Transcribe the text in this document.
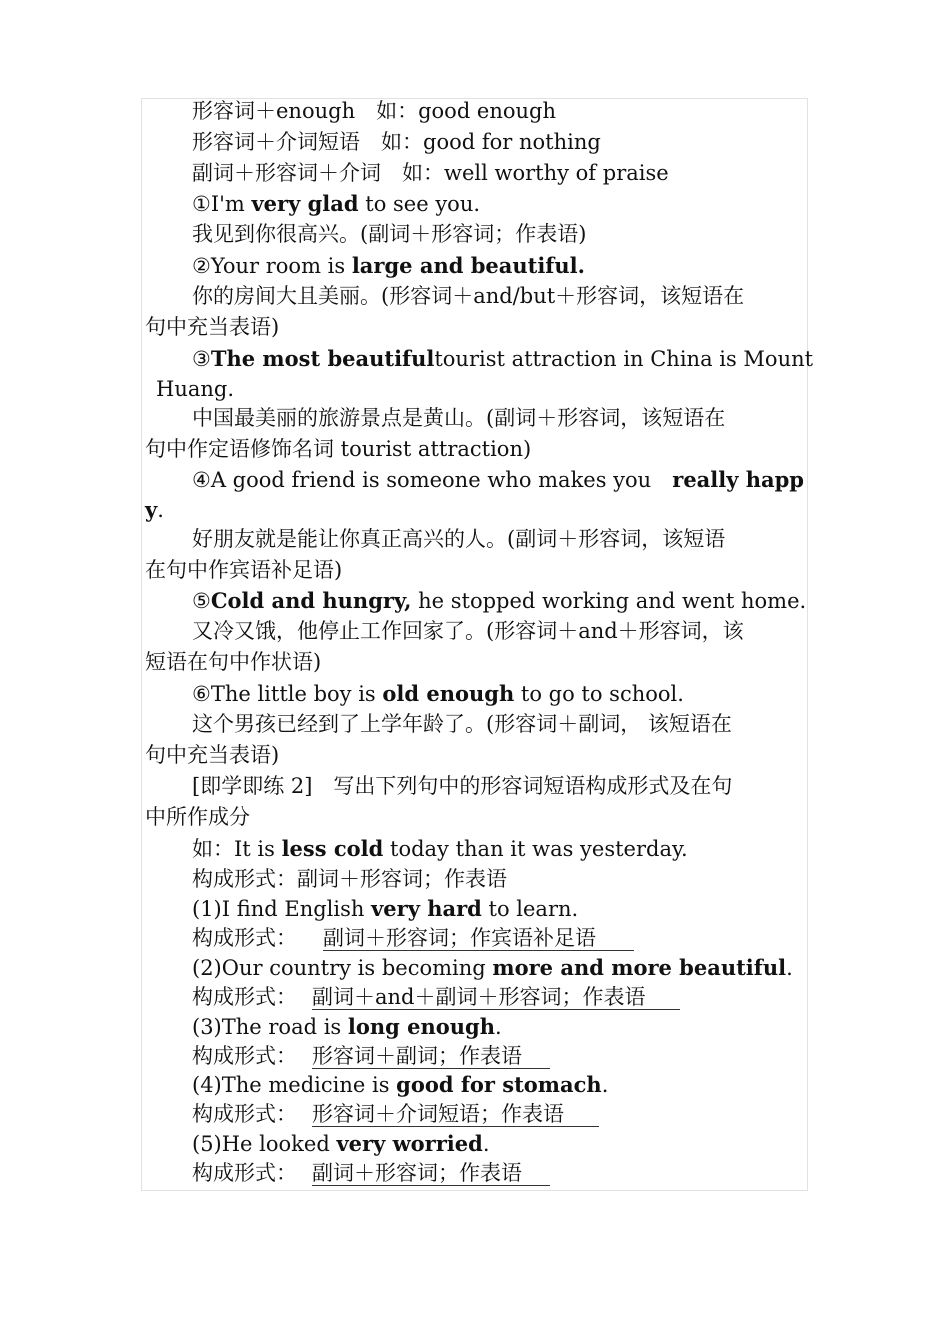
形容词＋enough　如：good enough
形容词＋介词短语　如：good for nothing
副词＋形容词＋介词　如：well worthy of praise
①I'm very glad to see you.
我见到你很高兴。(副词＋形容词；作表语)
②Your room is large and beautiful.
你的房间大且美丽。(形容词＋and/but＋形容词，该短语在
句中充当表语)
③The most beautiful tourist attraction in China is Mount
Huang.
中国最美丽的旅游景点是黄山。(副词＋形容词，该短语在
句中作定语修饰名词 tourist attraction)
④A good friend is someone who makes you really happ
y.
好朋友就是能让你真正高兴的人。(副词＋形容词，该短语
在句中作宾语补足语)
⑤Cold and hungry, he stopped working and went home.
又冷又饿，他停止工作回家了。(形容词＋and＋形容词，该
短语在句中作状语)
⑥The little boy is old enough to go to school.
这个男孩已经到了上学年龄了。(形容词＋副词， 该短语在
句中充当表语)
[即学即练 2]　写出下列句中的形容词短语构成形式及在句
中所作成分
如：It is less cold today than it was yesterday.
构成形式：副词＋形容词；作表语
(1)I find English very hard to learn.
构成形式： 副词＋形容词；作宾语补足语
(2)Our country is becoming more and more beautiful.
构成形式： 副词＋and＋副词＋形容词；作表语
(3)The road is long enough.
构成形式： 形容词＋副词；作表语
(4)The medicine is good for stomach.
构成形式： 形容词＋介词短语；作表语
(5)He looked very worried.
构成形式： 副词＋形容词；作表语
